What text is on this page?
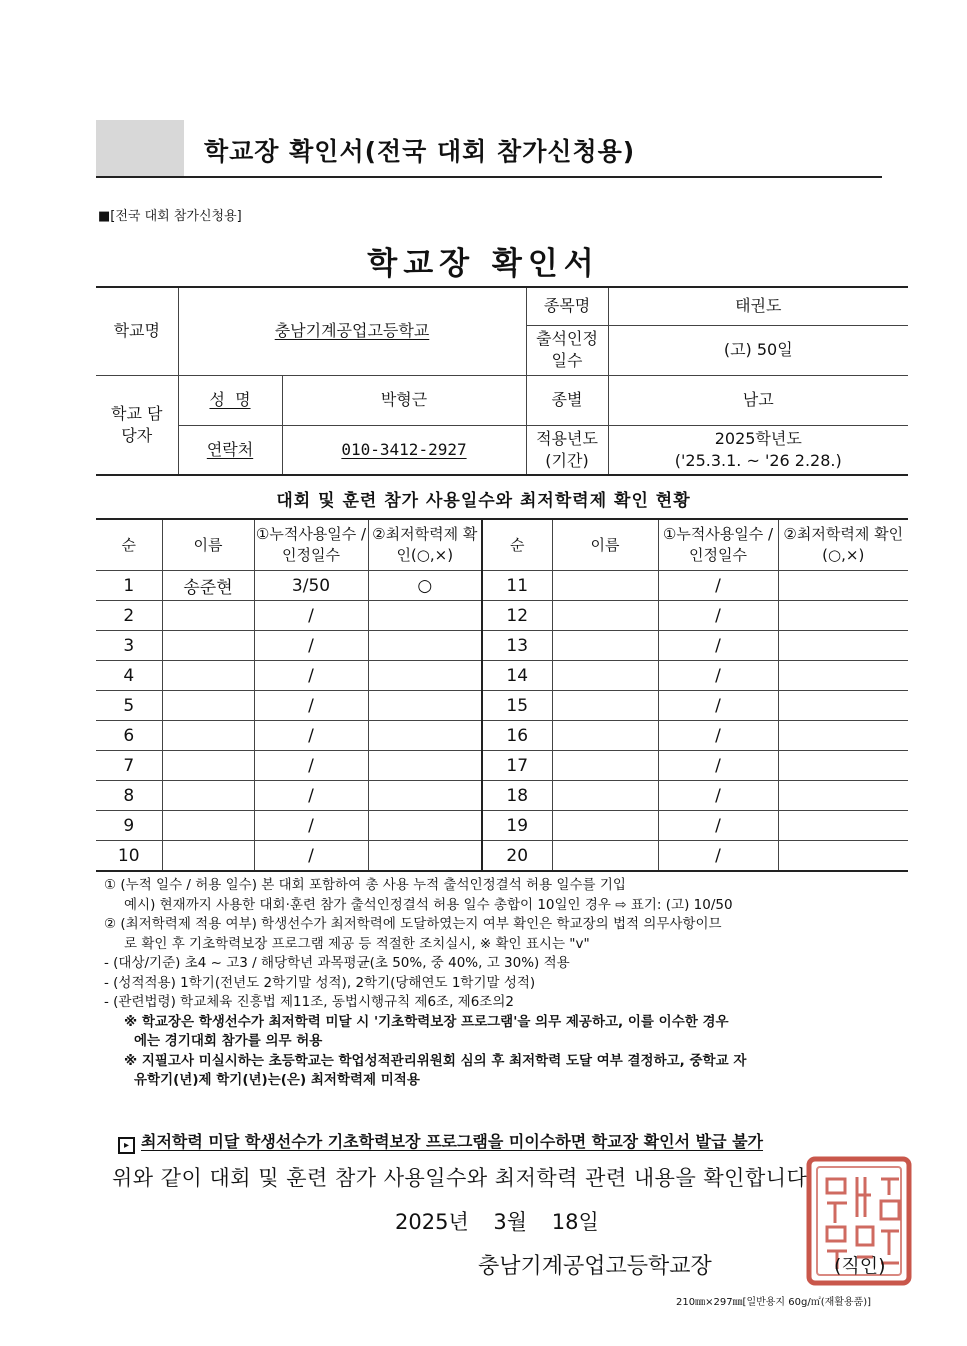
학교장 확인서(전국 대회 참가신청용)
■[전국 대회 참가신청용]
학교장 확인서
학교명	충남기계공업고등학교		종목명	태권도
			출석인정 일수	(고) 50일
학교 담당자	성  명	박형근	종별	남고
	연락처	010-3412-2927	적용년도 (기간)	2025학년도
('25.3.1. ~ '26 2.28.)
대회 및 훈련 참가 사용일수와 최저학력제 확인 현황
순	이름	①누적사용일수 /인정일수	②최저학력제 확인(○,×)	순	이름	①누적사용일수 /인정일수	②최저학력제 확인(○,×)
1	송준현	3/50	○	11		/	
2		/		12		/	
3		/		13		/	
4		/		14		/	
5		/		15		/	
6		/		16		/	
7		/		17		/	
8		/		18		/	
9		/		19		/	
10		/		20		/	

① (누적 일수 / 허용 일수) 본 대회 포함하여 총 사용 누적 출석인정결석 허용 일수를 기입

예시) 현재까지 사용한 대회·훈련 참가 출석인정결석 허용 일수 총합이 10일인 경우 ⇨ 표기: (고) 10/50

② (최저학력제 적용 여부) 학생선수가 최저학력에 도달하였는지 여부 확인은 학교장의 법적 의무사항이므

로 확인 후 기초학력보장 프로그램 제공 등 적절한 조치실시, ※ 확인 표시는 "v"

- (대상/기준) 초4 ~ 고3 / 해당학년 과목평균(초 50%, 중 40%, 고 30%) 적용

- (성적적용) 1학기(전년도 2학기말 성적), 2학기(당해연도 1학기말 성적)

- (관련법령) 학교체육 진흥법 제11조, 동법시행규칙 제6조, 제6조의2

※ 학교장은 학생선수가 최저학력 미달 시 '기초학력보장 프로그램'을 의무 제공하고, 이를 이수한 경우

에는 경기대회 참가를 의무 허용

※ 지필고사 미실시하는 초등학교는 학업성적관리위원회 심의 후 최저학력 도달 여부 결정하고, 중학교 자

유학기(년)제 학기(년)는(은) 최저학력제 미적용

▸ 최저학력 미달 학생선수가 기초학력보장 프로그램을 미이수하면 학교장 확인서 발급 불가
위와 같이 대회 및 훈련 참가 사용일수와 최저학력 관련 내용을 확인합니다
2025년 3월 18일
충남기계공업고등학교장	(직인)
210㎜×297㎜[일반용지 60g/㎡(재활용품)]
